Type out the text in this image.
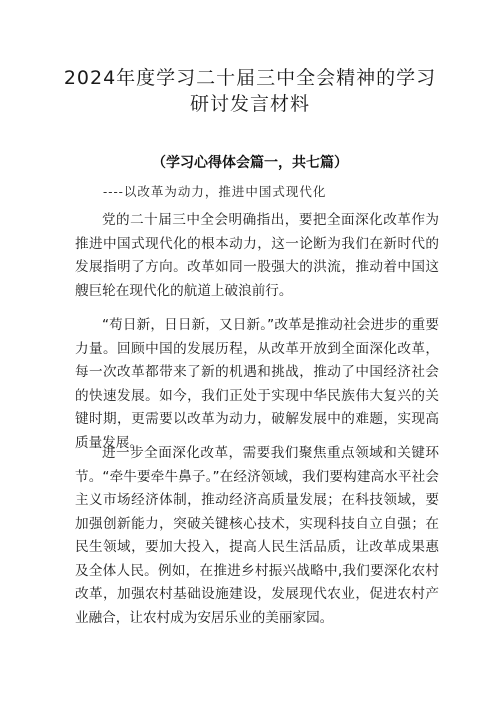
2024年度学习二十届三中全会精神的学习
研讨发言材料
（学习心得体会篇一，共七篇）
----以改革为动力，推进中国式现代化

党的二十届三中全会明确指出，要把全面深化改革作为推进中国式现代化的根本动力，这一论断为我们在新时代的发展指明了方向。改革如同一股强大的洪流，推动着中国这艘巨轮在现代化的航道上破浪前行。

“苟日新，日日新，又日新。”改革是推动社会进步的重要力量。回顾中国的发展历程，从改革开放到全面深化改革，每一次改革都带来了新的机遇和挑战，推动了中国经济社会的快速发展。如今，我们正处于实现中华民族伟大复兴的关键时期，更需要以改革为动力，破解发展中的难题，实现高质量发展。

进一步全面深化改革，需要我们聚焦重点领域和关键环节。“牵牛要牵牛鼻子。”在经济领域，我们要构建高水平社会主义市场经济体制，推动经济高质量发展；在科技领域，要加强创新能力，突破关键核心技术，实现科技自立自强；在民生领域，要加大投入，提高人民生活品质，让改革成果惠及全体人民。例如，在推进乡村振兴战略中,我们要深化农村改革，加强农村基础设施建设，发展现代农业，促进农村产业融合，让农村成为安居乐业的美丽家园。
